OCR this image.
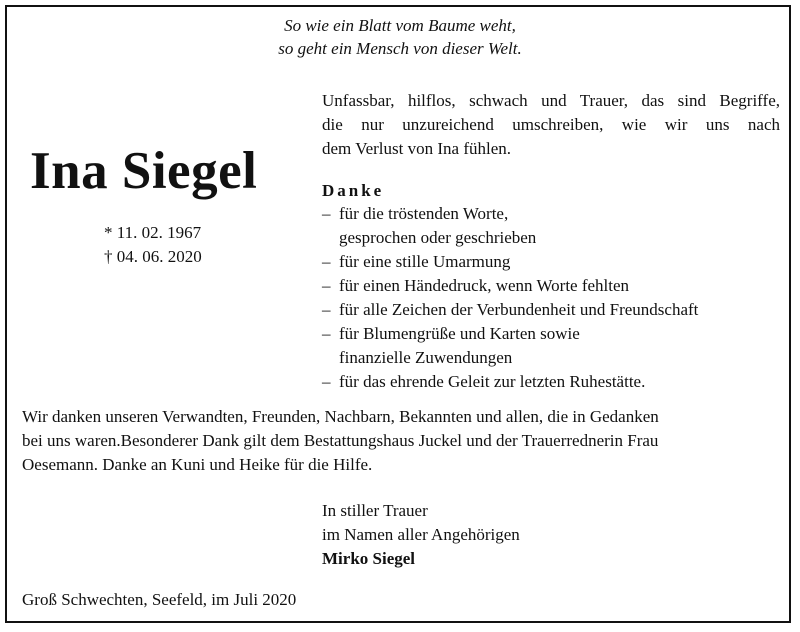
So wie ein Blatt vom Baume weht,
so geht ein Mensch von dieser Welt.
Ina Siegel
* 11. 02. 1967
† 04. 06. 2020
Unfassbar, hilflos, schwach und Trauer, das sind Begriffe,
die nur unzureichend umschreiben, wie wir uns nach
dem Verlust von Ina fühlen.
Danke
– für die tröstenden Worte,
gesprochen oder geschrieben
– für eine stille Umarmung
– für einen Händedruck, wenn Worte fehlten
– für alle Zeichen der Verbundenheit und Freundschaft
– für Blumengrüße und Karten sowie
finanzielle Zuwendungen
– für das ehrende Geleit zur letzten Ruhestätte.
Wir danken unseren Verwandten, Freunden, Nachbarn, Bekannten und allen, die in Gedanken
bei uns waren.Besonderer Dank gilt dem Bestattungshaus Juckel und der Trauerrednerin Frau
Oesemann. Danke an Kuni und Heike für die Hilfe.
In stiller Trauer
im Namen aller Angehörigen
Mirko Siegel
Groß Schwechten, Seefeld, im Juli 2020
